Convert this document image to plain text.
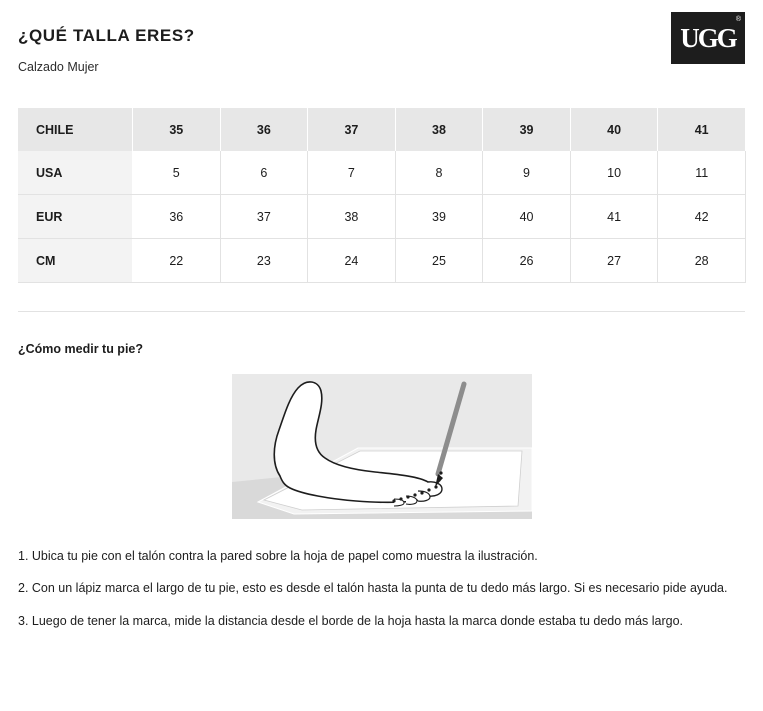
¿QUÉ TALLA ERES?

Calzado Mujer

UGG
®
CHILE	35	36	37	38	39	40	41
USA	5	6	7	8	9	10	11
EUR	36	37	38	39	40	41	42
CM	22	23	24	25	26	27	28
¿Cómo medir tu pie?

1. Ubica tu pie con el talón contra la pared sobre la hoja de papel como muestra la ilustración.

2. Con un lápiz marca el largo de tu pie, esto es desde el talón hasta la punta de tu dedo más largo. Si es necesario pide ayuda.

3. Luego de tener la marca, mide la distancia desde el borde de la hoja hasta la marca donde estaba tu dedo más largo.
